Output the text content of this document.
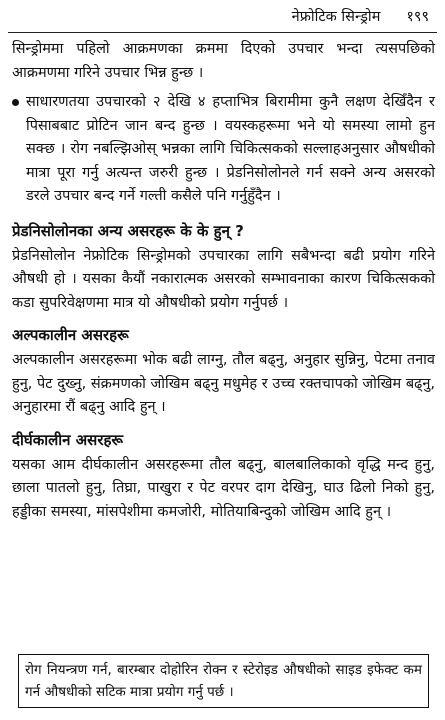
नेफ्रोटिक सिन्ड्रोम १९९

सिन्ड्रोममा पहिलो आक्रमणका क्रममा दिएको उपचार भन्दा त्यसपछिको आक्रमणमा गरिने उपचार भिन्न हुन्छ ।

साधारणतया उपचारको २ देखि ४ हप्ताभित्र बिरामीमा कुनै लक्षण देखिँदैन र पिसाबबाट प्रोटिन जान बन्द हुन्छ । वयस्कहरूमा भने यो समस्या लामो हुन सक्छ । रोग नबल्झिओस् भन्नका लागि चिकित्सकको सल्लाहअनुसार औषधीको मात्रा पूरा गर्नु अत्यन्त जरुरी हुन्छ । प्रेडनिसोलोनले गर्न सक्ने अन्य असरको डरले उपचार बन्द गर्ने गल्ती कसैले पनि गर्नुहुँदैन ।

प्रेडनिसोलोनका अन्य असरहरू के के हुन् ?

प्रेडनिसोलोन नेफ्रोटिक सिन्ड्रोमको उपचारका लागि सबैभन्दा बढी प्रयोग गरिने औषधी हो । यसका कैयौं नकारात्मक असरको सम्भावनाका कारण चिकित्सकको कडा सुपरिवेक्षणमा मात्र यो औषधीको प्रयोग गर्नुपर्छ ।

अल्पकालीन असरहरू

अल्पकालीन असरहरूमा भोक बढी लाग्नु, तौल बढ्नु, अनुहार सुन्निनु, पेटमा तनाव हुनु, पेट दुख्नु, संक्रमणको जोखिम बढ्नु मधुमेह र उच्च रक्तचापको जोखिम बढ्नु, अनुहारमा रौं बढ्नु आदि हुन् ।

दीर्घकालीन असरहरू

यसका आम दीर्घकालीन असरहरूमा तौल बढ्नु, बालबालिकाको वृद्धि मन्द हुनु, छाला पातलो हुनु, तिघ्रा, पाखुरा र पेट वरपर दाग देखिनु, घाउ ढिलो निको हुनु, हड्डीका समस्या, मांसपेशीमा कमजोरी, मोतियाबिन्दुको जोखिम आदि हुन् ।

रोग नियन्त्रण गर्न, बारम्बार दोहोरिन रोक्न र स्टेरोइड औषधीको साइड इफेक्ट कम गर्न औषधीको सटिक मात्रा प्रयोग गर्नु पर्छ ।
